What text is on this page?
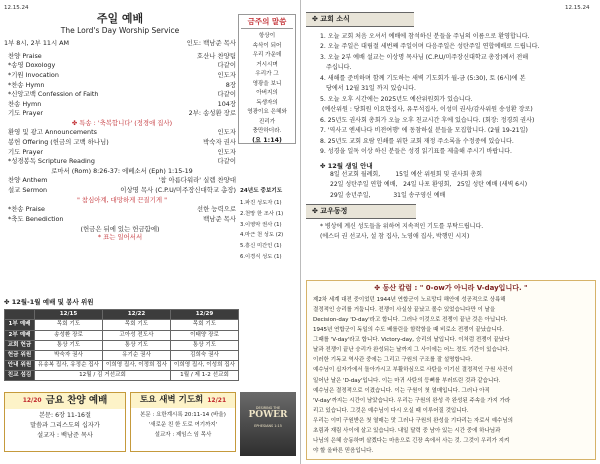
12.15.24
주일 예배
The Lord's Day Worship Service
1부 8시, 2부 11시 AM	인도: 백남준 목사
찬양 Praise	호산나 찬양팀
*송영 Doxology	다같이
*기원 Invocation	인도자
*찬송 Hymn	8장
*신앙고백 Confession of Faith	다같이
찬송 Hymn	104장
기도 Prayer	2부: 송성환 장로
✤ 특송 : '축복합니다' (정경애 집사)
환영 및 광고 Announcements	인도자
봉헌 Offering (헌금의 고백 하나님)	박숙자 권사
기도 Prayer	인도자
*성경봉독 Scripture Reading	다같이
로마서 (Rom) 8:26-37: 에베소서 (Eph) 1:15-19
찬양 Anthem	'참 아름다워라' 실렘 찬양대
설교 Sermon	이상명 목사 (C.P.U/미주장신대학교 총장)
" 참심아계, 대망하게 끈질기게 "
*찬송 Praise	선한 능력으로
*축도 Benediction	백남준 목사
(헌금은 뒤에 있는 헌금함에)
* 표는 일어서서
금주의 말씀
항상이
속삭이 되어
우리 가운데
거시시며
우리가 그
영광을 보니
아버지의
독생자의
영광이요 은혜와
진리가
충만하더라.
(요 1:14)
24년도 중보기도
1.파진 성도자 (1)
2.천망 한 조사 (1)
3.이영악 권사 (1)
4.마근 천 성도 (2)
5.흥신 미간인 (1)
6.이경식 성도 (1)
✤ 12월-1월 예배 및 봉사 위원
	12/15	12/22	12/29
1부 예배	목회 기도	목회 기도	목회 기도
2부 예배	송성환 장로	고아성 전도사	이태양 장로
교회 헌금	통상 기도	통상 기도	통상 기도
헌금 위원	박숙자 권사	유기순 권사	김희숙 권사
안내 위원	유송복 집사, 유정순 집사	이희영 집사, 이정희 집사	이희영 집사, 이성희 집사
친교 섬김	12월 / 김 거선교회		1월 / 제 1-2 선교회
12/20 금요 찬양 예배
본문: 6장 11-16절
말씀과 그리스도의 십자가
설교자 : 백남준 목사
토요 새벽 기도회 12/21
본문 : 요한계시록 20:11-14 (바울)
'새로운 친 한 도로 여기까지'
설교자 : 제임스 임 목사
DESIRING THE
POWER
EPHESIANS 1:15
12.15.24
✤ 교회 소식

1. 오늘 교회 처음 오셔서 예배에 참석하신 분들을 주님의 이름으로 환영합니다.

2. 오늘 주일은 대림절 세번째 주일이며 다음주일은 성탄주일 연합예배로 드립니다.

3. 오늘 2부 예배 설교는 이상명 목사님 (C.P.U/미주장신대학교 총장)께서 전해

주십니다.

4. 새해를 준비하며 함께 기도하는 새벽 기도회가 월-금 (5:30), 토 (6시)에 본

당에서 12월 31일 까지 있습니다.

5. 오늘 오후 시간에는 2025년도 예산위원회가 있습니다.

(예산위원 : 당회원 이요한집사, 유무석집사, 이성미 권사/감사위원 송성환 장로)

6. 25년도 권사회 총회가 오늘 오후 친교시간 후에 있습니다. (회장: 정경희 권사)

7. '역사고 엔세나다 비전여행' 에 동참하실 분들을 모집합니다. (2월 19-21일)

8. 25년도 교회 요람 인쇄를 위한 교회 재정 주소록을 수정중에 있습니다.

9. 성경을 일독 이상 하신 분들은 성경 읽기표를 제출해 주시기 바랍니다.

✤ 12월 생일 안내
8일 선교회 월례회,        15일 예산 위원회 및 권사회 총회
22일 성탄주일 연합 예배,   24일 나포 환영회,   25일 성탄 예배 (새벽 6시)
29일 송년주일,            31일 송구영신 예배
✤ 교우동정
* 병상에 계신 성도들을 위하여 지속적인 기도를 부탁드립니다.
(에스더 권 선교사, 설 참 집사, 노영애 집사, 박행민 시지)
✤ 동산 칼럼 : " 0-ow가 아니라 V-day입니다. "
제2차 세계 대전 중이었던 1944년 연합군이 노르망디 해안에 성공적으로 상륙해
결정적인 승리를 거둡니다. 전쟁이 사실상 끝났고 볼수 있었습니다만 이 날을
Decision-day 'D-day'라고 합니다. 그러나 이것으로 전쟁이 끝난 것은 아닙니다.
1945년 연합군이 독일의 수도 베를린을 함락함을 때 비로소 전쟁이 끝났습니다.
그때를 'V-day'라고 합니다. Victory-day, 승리의 날입니다. 이처럼 전쟁이 끝났다
날과 전쟁이 끝난 승리가 완성되는 날까지 그 사이에는 어느 정도 기간이 있습니다.
이러한 기독교 역사관 중에는 그리고 구원의 구조를 잘 설명합니다.
예수님이 십자가에서 돌아가시고 부활하심으로 사탄을 이기신 결정적인 구원 사건이
일어난 날은 'D-day'입니다. 이는 마귀 사탄의 등뼈를 부러뜨린 것과 같습니다.
예수님은 결정적으로 이겼습니다. 이는 구원이 첫 열매입니다. 그러나 아직
'V-day'까지는 시간이 남았습니다. 우리는 구원의 완성 즉 완성된 주속을 가지 가라
리고 있습니다. 그것은 예수님이 다시 오실 때 이루어질 것입니다.
우리는 이미 구원받은 첫 열매는 맛 그러나 구원의 완성을 기다리는 자로서 예수님의
초림과 재림 사이에 살고 있습니다. 내일 달력 중 남아 있는 시간 중에 하나님과
나님의 은혜 승동하며 살겠다는 마음으로 긴장 속에서 사는 것. 그것이 우리가 지켜
야 할 올바른 믿음입니다.
